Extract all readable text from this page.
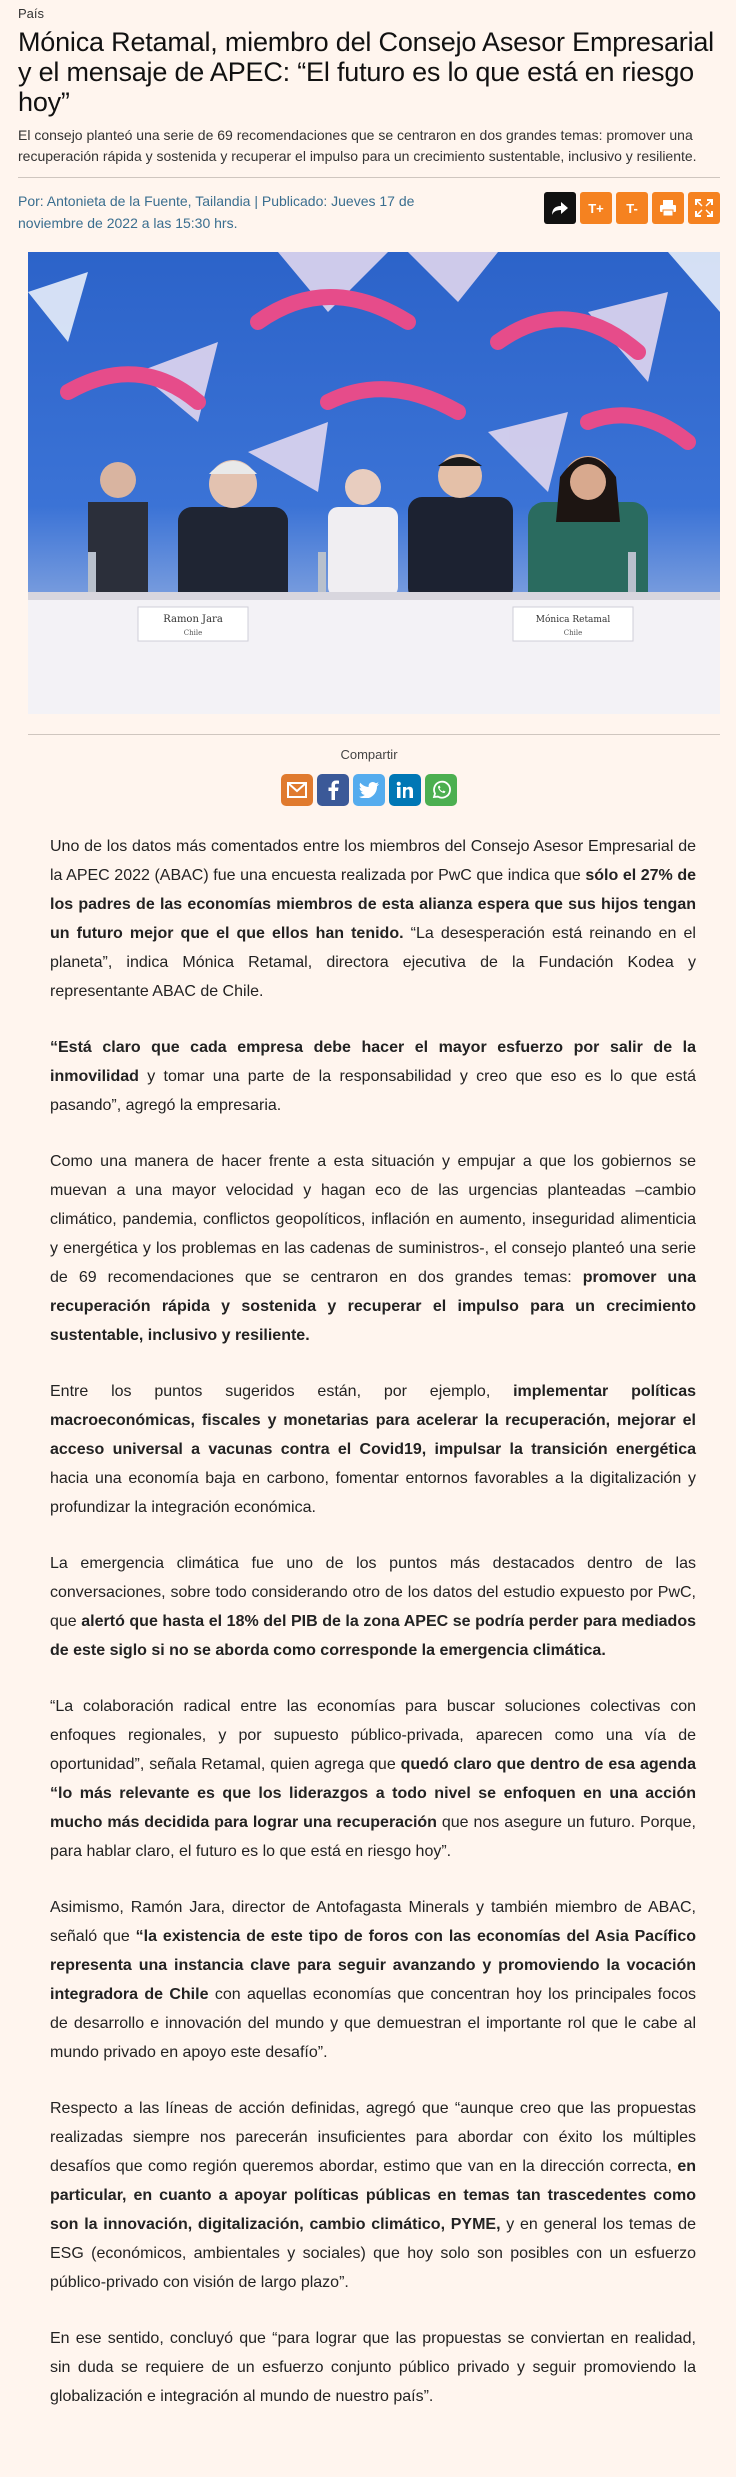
País
Mónica Retamal, miembro del Consejo Asesor Empresarial y el mensaje de APEC: “El futuro es lo que está en riesgo hoy”
El consejo planteó una serie de 69 recomendaciones que se centraron en dos grandes temas: promover una recuperación rápida y sostenida y recuperar el impulso para un crecimiento sustentable, inclusivo y resiliente.
Por: Antonieta de la Fuente, Tailandia | Publicado: Jueves 17 de noviembre de 2022 a las 15:30 hrs.
T+	T-
Ramon Jara
Chile
Mónica Retamal
Chile
Compartir

Uno de los datos más comentados entre los miembros del Consejo Asesor Empresarial de la APEC 2022 (ABAC) fue una encuesta realizada por PwC que indica que sólo el 27% de los padres de las economías miembros de esta alianza espera que sus hijos tengan un futuro mejor que el que ellos han tenido. “La desesperación está reinando en el planeta”, indica Mónica Retamal, directora ejecutiva de la Fundación Kodea y representante ABAC de Chile.

“Está claro que cada empresa debe hacer el mayor esfuerzo por salir de la inmovilidad y tomar una parte de la responsabilidad y creo que eso es lo que está pasando”, agregó la empresaria.

Como una manera de hacer frente a esta situación y empujar a que los gobiernos se muevan a una mayor velocidad y hagan eco de las urgencias planteadas –cambio climático, pandemia, conflictos geopolíticos, inflación en aumento, inseguridad alimenticia y energética y los problemas en las cadenas de suministros-, el consejo planteó una serie de 69 recomendaciones que se centraron en dos grandes temas: promover una recuperación rápida y sostenida y recuperar el impulso para un crecimiento sustentable, inclusivo y resiliente.

Entre los puntos sugeridos están, por ejemplo, implementar políticas macroeconómicas, fiscales y monetarias para acelerar la recuperación, mejorar el acceso universal a vacunas contra el Covid19, impulsar la transición energética hacia una economía baja en carbono, fomentar entornos favorables a la digitalización y profundizar la integración económica.

La emergencia climática fue uno de los puntos más destacados dentro de las conversaciones, sobre todo considerando otro de los datos del estudio expuesto por PwC, que alertó que hasta el 18% del PIB de la zona APEC se podría perder para mediados de este siglo si no se aborda como corresponde la emergencia climática.

“La colaboración radical entre las economías para buscar soluciones colectivas con enfoques regionales, y por supuesto público-privada, aparecen como una vía de oportunidad”, señala Retamal, quien agrega que quedó claro que dentro de esa agenda “lo más relevante es que los liderazgos a todo nivel se enfoquen en una acción mucho más decidida para lograr una recuperación que nos asegure un futuro. Porque, para hablar claro, el futuro es lo que está en riesgo hoy”.

Asimismo, Ramón Jara, director de Antofagasta Minerals y también miembro de ABAC, señaló que “la existencia de este tipo de foros con las economías del Asia Pacífico representa una instancia clave para seguir avanzando y promoviendo la vocación integradora de Chile con aquellas economías que concentran hoy los principales focos de desarrollo e innovación del mundo y que demuestran el importante rol que le cabe al mundo privado en apoyo este desafío”.

Respecto a las líneas de acción definidas, agregó que “aunque creo que las propuestas realizadas siempre nos parecerán insuficientes para abordar con éxito los múltiples desafíos que como región queremos abordar, estimo que van en la dirección correcta, en particular, en cuanto a apoyar políticas públicas en temas tan trascedentes como son la innovación, digitalización, cambio climático, PYME, y en general los temas de ESG (económicos, ambientales y sociales) que hoy solo son posibles con un esfuerzo público-privado con visión de largo plazo”.

En ese sentido, concluyó que “para lograr que las propuestas se conviertan en realidad, sin duda se requiere de un esfuerzo conjunto público privado y seguir promoviendo la globalización e integración al mundo de nuestro país”.
